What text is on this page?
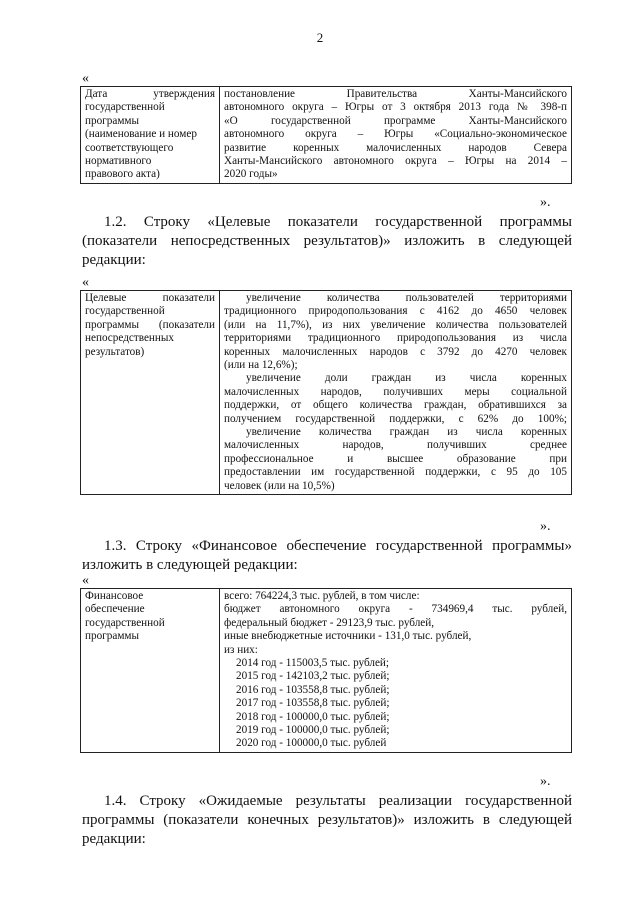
2
«
Дата утверждения
государственной
программы
(наименование и номер
соответствующего
нормативного
правового акта)

постановление Правительства Ханты-Мансийского
автономного округа – Югры от 3 октября 2013 года № 398-п
«О государственной программе Ханты-Мансийского
автономного округа – Югры «Социально-экономическое
развитие коренных малочисленных народов Севера
Ханты-Мансийского автономного округа – Югры на 2014 –
2020 годы»
».
1.2. Строку «Целевые показатели государственной программы
(показатели непосредственных результатов)» изложить в следующей
редакции:
«
Целевые показатели
государственной
программы (показатели
непосредственных
результатов)

увеличение количества пользователей территориями
традиционного природопользования с 4162 до 4650 человек
(или на 11,7%), из них увеличение количества пользователей
территориями традиционного природопользования из числа
коренных малочисленных народов с 3792 до 4270 человек
(или на 12,6%);
увеличение доли граждан из числа коренных
малочисленных народов, получивших меры социальной
поддержки, от общего количества граждан, обратившихся за
получением государственной поддержки, с 62% до 100%;
увеличение количества граждан из числа коренных
малочисленных народов, получивших среднее
профессиональное и высшее образование при
предоставлении им государственной поддержки, с 95 до 105
человек (или на 10,5%)
».
1.3. Строку «Финансовое обеспечение государственной программы»
изложить в следующей редакции:
«
Финансовое
обеспечение
государственной
программы

всего: 764224,3 тыс. рублей, в том числе:
бюджет автономного округа - 734969,4 тыс. рублей,
федеральный бюджет - 29123,9 тыс. рублей,
иные внебюджетные источники - 131,0 тыс. рублей,
из них:
2014 год - 115003,5 тыс. рублей;
2015 год - 142103,2 тыс. рублей;
2016 год - 103558,8 тыс. рублей;
2017 год - 103558,8 тыс. рублей;
2018 год - 100000,0 тыс. рублей;
2019 год - 100000,0 тыс. рублей;
2020 год - 100000,0 тыс. рублей
».
1.4. Строку «Ожидаемые результаты реализации государственной
программы (показатели конечных результатов)» изложить в следующей
редакции:
